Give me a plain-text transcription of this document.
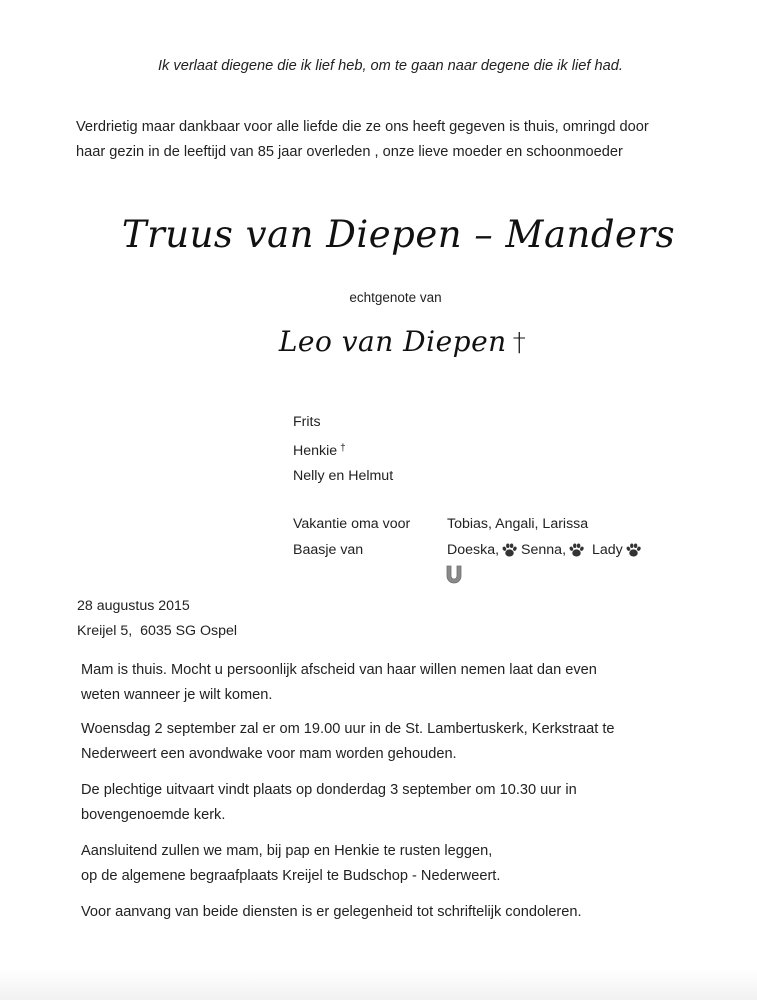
Ik verlaat diegene die ik lief heb, om te gaan naar degene die ik lief had.
Verdrietig maar dankbaar voor alle liefde die ze ons heeft gegeven is thuis, omringd door
haar gezin in de leeftijd van 85 jaar overleden , onze lieve moeder en schoonmoeder
Truus van Diepen – Manders
echtgenote van
Leo van Diepen †
Frits
Henkie †
Nelly en Helmut
Vakantie oma voor	Tobias, Angali, Larissa
Baasje van	Doeska, Senna, Lady
28 augustus 2015
Kreijel 5,  6035 SG Ospel
Mam is thuis. Mocht u persoonlijk afscheid van haar willen nemen laat dan even
weten wanneer je wilt komen.
Woensdag 2 september zal er om 19.00 uur in de St. Lambertuskerk, Kerkstraat te
Nederweert een avondwake voor mam worden gehouden.
De plechtige uitvaart vindt plaats op donderdag 3 september om 10.30 uur in
bovengenoemde kerk.
Aansluitend zullen we mam, bij pap en Henkie te rusten leggen,
op de algemene begraafplaats Kreijel te Budschop - Nederweert.
Voor aanvang van beide diensten is er gelegenheid tot schriftelijk condoleren.
